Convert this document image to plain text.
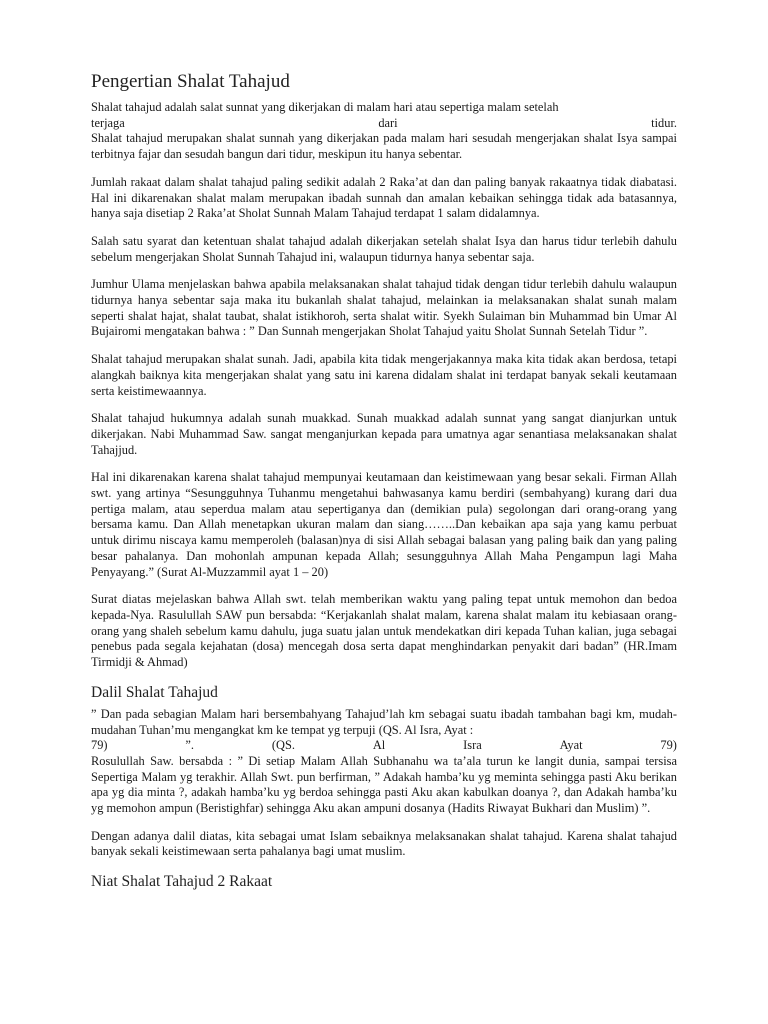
Pengertian Shalat Tahajud
Shalat tahajud adalah salat sunnat yang dikerjakan di malam hari atau sepertiga malam setelah
terjaga	dari	tidur.
Shalat tahajud merupakan shalat sunnah yang dikerjakan pada malam hari sesudah mengerjakan shalat Isya sampai terbitnya fajar dan sesudah bangun dari tidur, meskipun itu hanya sebentar.
Jumlah rakaat dalam shalat tahajud paling sedikit adalah 2 Raka’at dan dan paling banyak rakaatnya tidak diabatasi. Hal ini dikarenakan shalat malam merupakan ibadah sunnah dan amalan kebaikan sehingga tidak ada batasannya, hanya saja disetiap 2 Raka’at Sholat Sunnah Malam Tahajud terdapat 1 salam didalamnya.
Salah satu syarat dan ketentuan shalat tahajud adalah dikerjakan setelah shalat Isya dan harus tidur terlebih dahulu sebelum mengerjakan Sholat Sunnah Tahajud ini, walaupun tidurnya hanya sebentar saja.
Jumhur Ulama menjelaskan bahwa apabila melaksanakan shalat tahajud tidak dengan tidur terlebih dahulu walaupun tidurnya hanya sebentar saja maka itu bukanlah shalat tahajud, melainkan ia melaksanakan shalat sunah malam seperti shalat hajat, shalat taubat, shalat istikhoroh, serta shalat witir. Syekh Sulaiman bin Muhammad bin Umar Al Bujairomi mengatakan bahwa : ” Dan Sunnah mengerjakan Sholat Tahajud yaitu Sholat Sunnah Setelah Tidur ”.
Shalat tahajud merupakan shalat sunah. Jadi, apabila kita tidak mengerjakannya maka kita tidak akan berdosa, tetapi alangkah baiknya kita mengerjakan shalat yang satu ini karena didalam shalat ini terdapat banyak sekali keutamaan serta keistimewaannya.
Shalat tahajud hukumnya adalah sunah muakkad. Sunah muakkad adalah sunnat yang sangat dianjurkan untuk dikerjakan. Nabi Muhammad Saw. sangat menganjurkan kepada para umatnya agar senantiasa melaksanakan shalat Tahajjud.
Hal ini dikarenakan karena shalat tahajud mempunyai keutamaan dan keistimewaan yang besar sekali. Firman Allah swt. yang artinya “Sesungguhnya Tuhanmu mengetahui bahwasanya kamu berdiri (sembahyang) kurang dari dua pertiga malam, atau seperdua malam atau sepertiganya dan (demikian pula) segolongan dari orang-orang yang bersama kamu. Dan Allah menetapkan ukuran malam dan siang……..Dan kebaikan apa saja yang kamu perbuat untuk dirimu niscaya kamu memperoleh (balasan)nya di sisi Allah sebagai balasan yang paling baik dan yang paling besar pahalanya. Dan mohonlah ampunan kepada Allah; sesungguhnya Allah Maha Pengampun lagi Maha Penyayang.” (Surat Al-Muzzammil ayat 1 – 20)
Surat diatas mejelaskan bahwa Allah swt. telah memberikan waktu yang paling tepat untuk memohon dan bedoa kepada-Nya. Rasulullah SAW pun bersabda: “Kerjakanlah shalat malam, karena shalat malam itu kebiasaan orang-orang yang shaleh sebelum kamu dahulu, juga suatu jalan untuk mendekatkan diri kepada Tuhan kalian, juga sebagai penebus pada segala kejahatan (dosa) mencegah dosa serta dapat menghindarkan penyakit dari badan” (HR.Imam Tirmidji & Ahmad)
Dalil Shalat Tahajud
” Dan pada sebagian Malam hari bersembahyang Tahajud’lah km sebagai suatu ibadah tambahan bagi km, mudah-mudahan Tuhan’mu mengangkat km ke tempat yg terpuji (QS. Al Isra, Ayat :
79)	”.	(QS.	Al	Isra	Ayat	79)
Rosulullah Saw. bersabda : ” Di setiap Malam Allah Subhanahu wa ta’ala turun ke langit dunia, sampai tersisa Sepertiga Malam yg terakhir. Allah Swt. pun berfirman, ” Adakah hamba’ku yg meminta sehingga pasti Aku berikan apa yg dia minta ?, adakah hamba’ku yg berdoa sehingga pasti Aku akan kabulkan doanya ?, dan Adakah hamba’ku yg memohon ampun (Beristighfar) sehingga Aku akan ampuni dosanya (Hadits Riwayat Bukhari dan Muslim) ”.
Dengan adanya dalil diatas, kita sebagai umat Islam sebaiknya melaksanakan shalat tahajud. Karena shalat tahajud banyak sekali keistimewaan serta pahalanya bagi umat muslim.
Niat Shalat Tahajud 2 Rakaat
